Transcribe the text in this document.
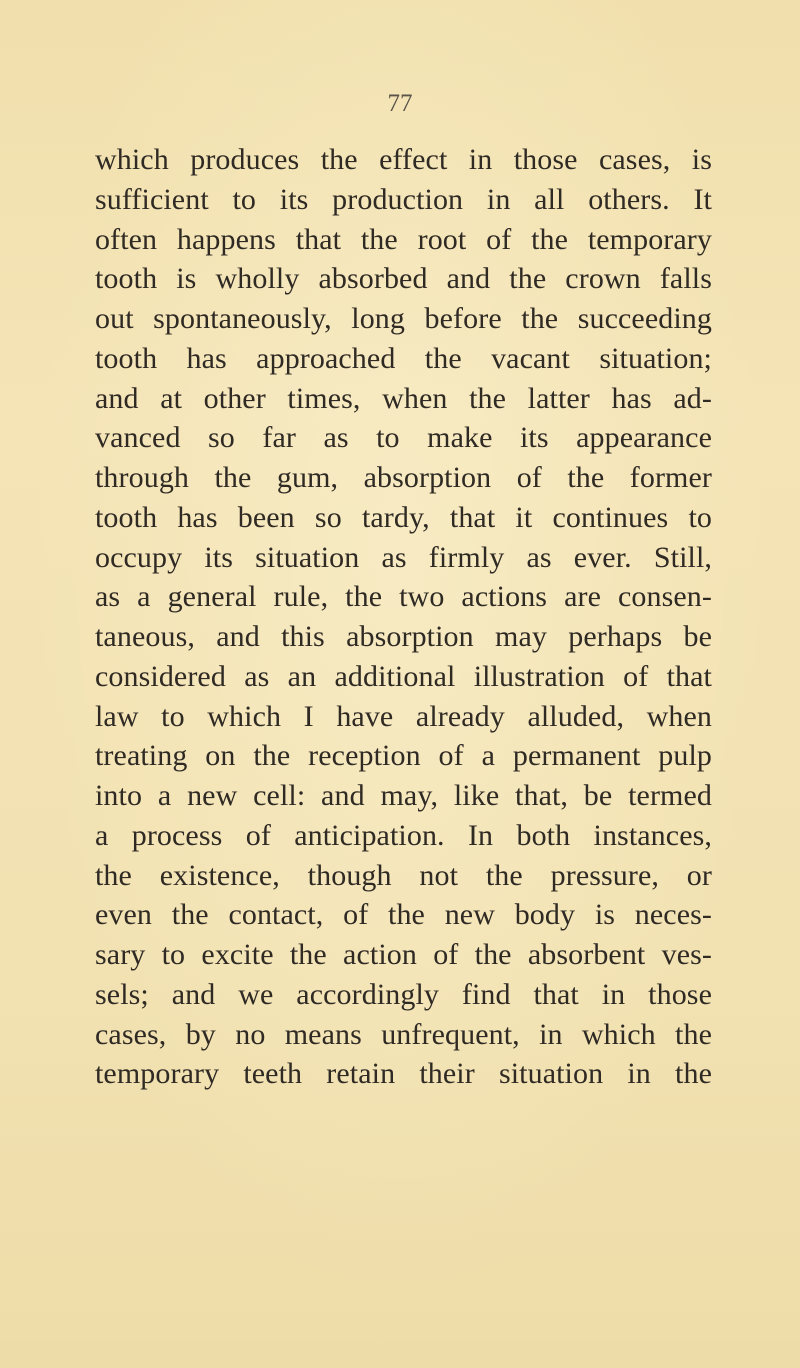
77
which produces the effect in those cases, is
sufficient to its production in all others. It
often happens that the root of the temporary
tooth is wholly absorbed and the crown falls
out spontaneously, long before the succeeding
tooth has approached the vacant situation;
and at other times, when the latter has ad-
vanced so far as to make its appearance
through the gum, absorption of the former
tooth has been so tardy, that it continues to
occupy its situation as firmly as ever. Still,
as a general rule, the two actions are consen-
taneous, and this absorption may perhaps be
considered as an additional illustration of that
law to which I have already alluded, when
treating on the reception of a permanent pulp
into a new cell: and may, like that, be termed
a process of anticipation. In both instances,
the existence, though not the pressure, or
even the contact, of the new body is neces-
sary to excite the action of the absorbent ves-
sels; and we accordingly find that in those
cases, by no means unfrequent, in which the
temporary teeth retain their situation in the
